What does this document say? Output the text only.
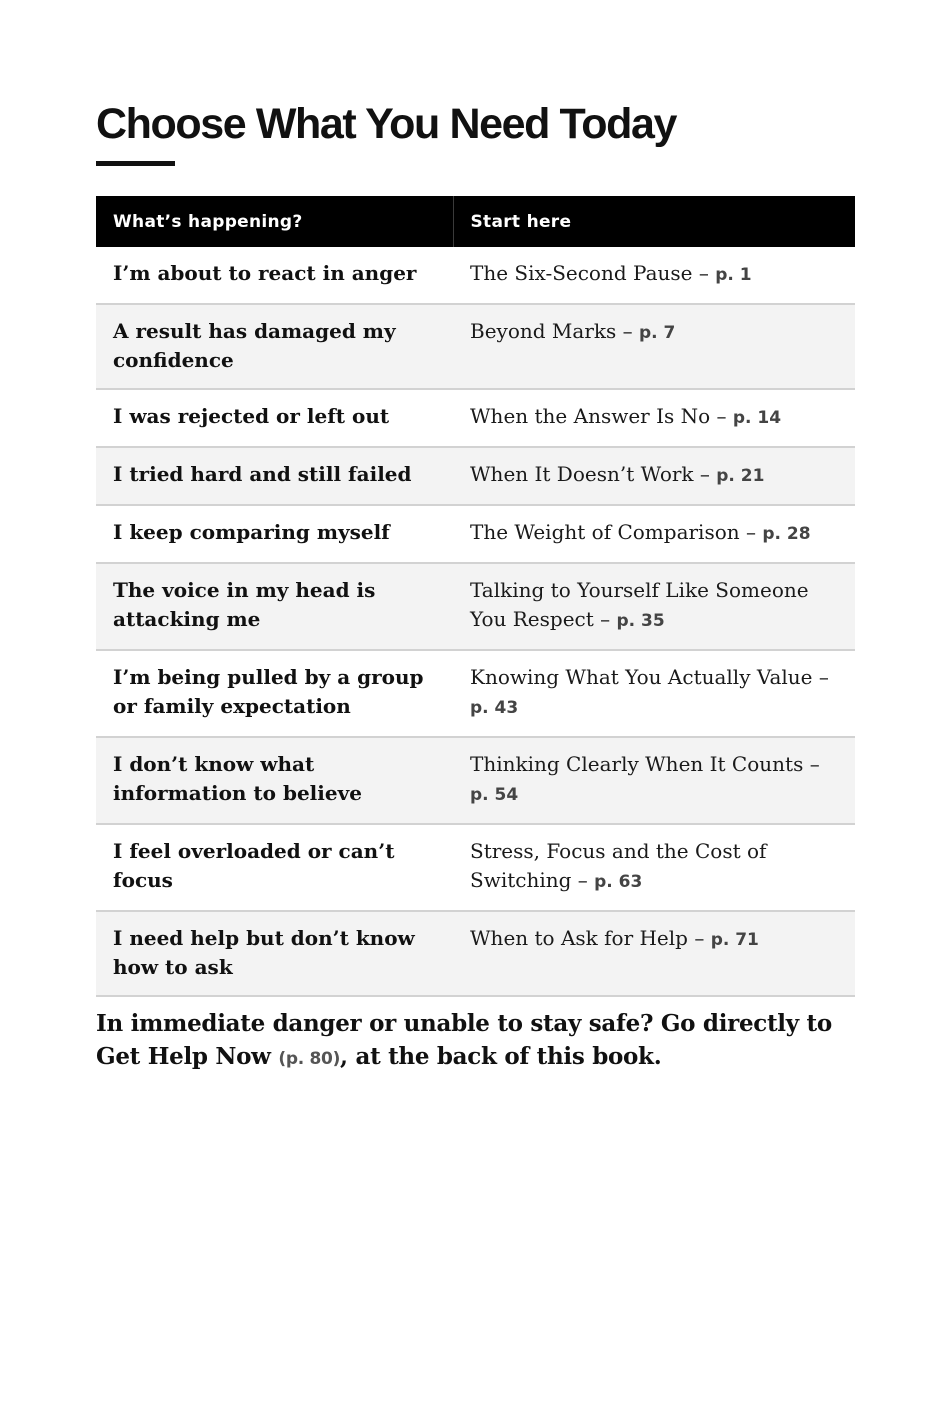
Choose What You Need Today
What’s happening?	Start here
I’m about to react in anger	The Six-Second Pause – p. 1
A result has damaged my confidence	Beyond Marks – p. 7
I was rejected or left out	When the Answer Is No – p. 14
I tried hard and still failed	When It Doesn’t Work – p. 21
I keep comparing myself	The Weight of Comparison – p. 28
The voice in my head is attacking me	Talking to Yourself Like Someone You Respect – p. 35
I’m being pulled by a group or family expectation	Knowing What You Actually Value – p. 43
I don’t know what information to believe	Thinking Clearly When It Counts – p. 54
I feel overloaded or can’t focus	Stress, Focus and the Cost of Switching – p. 63
I need help but don’t know how to ask	When to Ask for Help – p. 71

In immediate danger or unable to stay safe? Go directly to Get Help Now (p. 80), at the back of this book.
